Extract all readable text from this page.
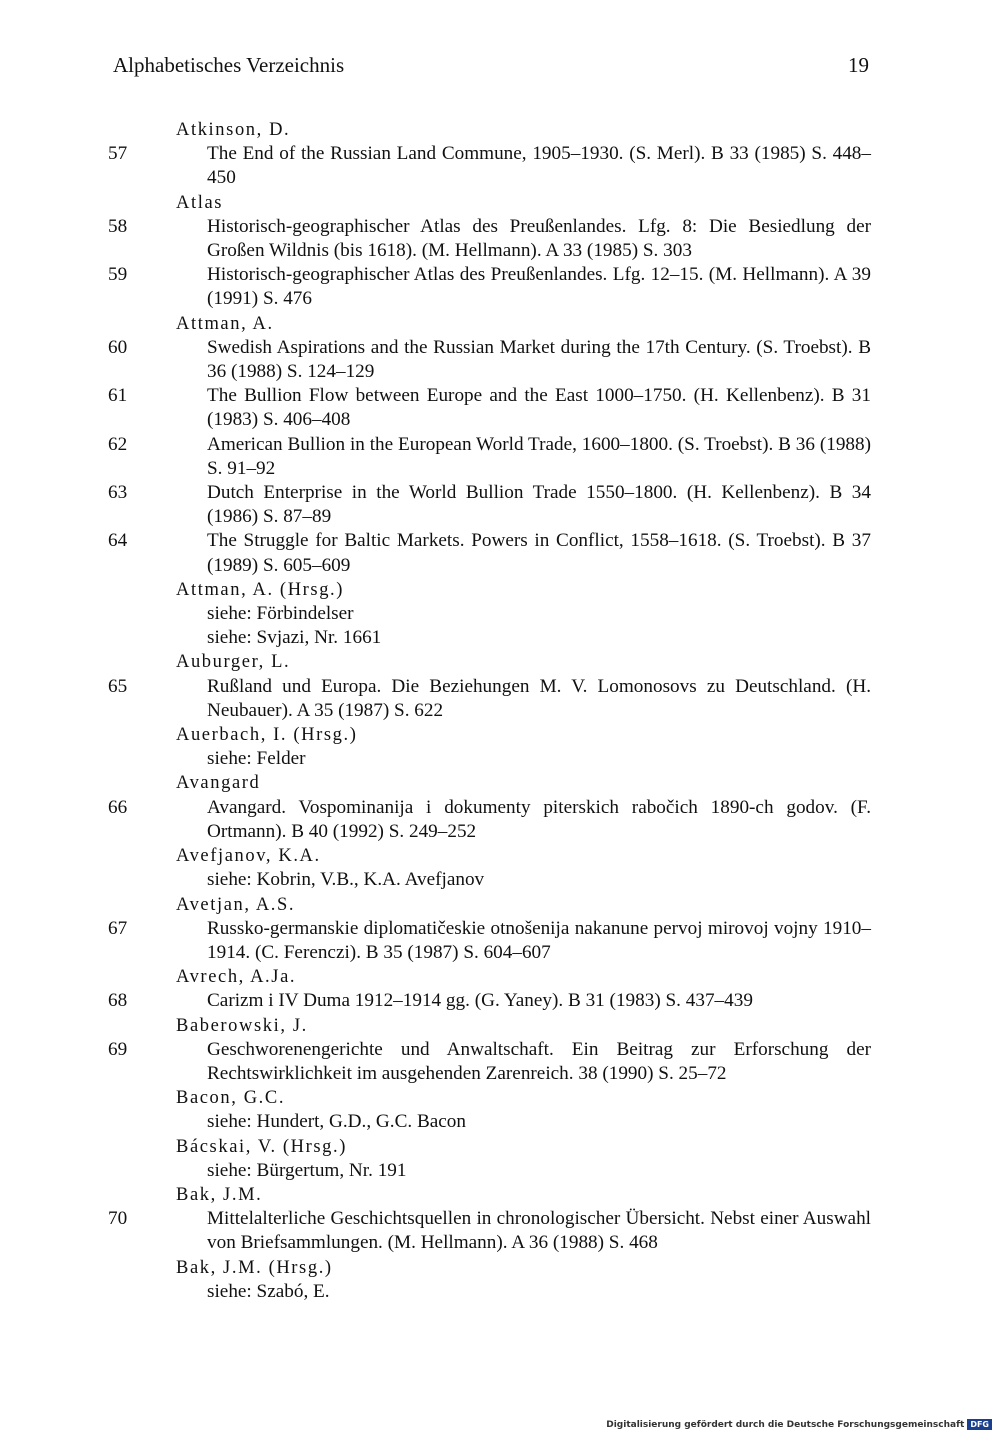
Alphabetisches Verzeichnis	19
Atkinson, D.
57	The End of the Russian Land Commune, 1905–1930. (S. Merl). B 33 (1985) S. 448–450
Atlas
58	Historisch-geographischer Atlas des Preußenlandes. Lfg. 8: Die Besiedlung der Großen Wildnis (bis 1618). (M. Hellmann). A 33 (1985) S. 303
59	Historisch-geographischer Atlas des Preußenlandes. Lfg. 12–15. (M. Hellmann). A 39 (1991) S. 476
Attman, A.
60	Swedish Aspirations and the Russian Market during the 17th Century. (S. Troebst). B 36 (1988) S. 124–129
61	The Bullion Flow between Europe and the East 1000–1750. (H. Kellenbenz). B 31 (1983) S. 406–408
62	American Bullion in the European World Trade, 1600–1800. (S. Troebst). B 36 (1988) S. 91–92
63	Dutch Enterprise in the World Bullion Trade 1550–1800. (H. Kellenbenz). B 34 (1986) S. 87–89
64	The Struggle for Baltic Markets. Powers in Conflict, 1558–1618. (S. Troebst). B 37 (1989) S. 605–609
Attman, A. (Hrsg.)
siehe: Förbindelser
siehe: Svjazi, Nr. 1661
Auburger, L.
65	Rußland und Europa. Die Beziehungen M. V. Lomonosovs zu Deutschland. (H. Neubauer). A 35 (1987) S. 622
Auerbach, I. (Hrsg.)
siehe: Felder
Avangard
66	Avangard. Vospominanija i dokumenty piterskich rabočich 1890-ch godov. (F. Ortmann). B 40 (1992) S. 249–252
Avefjanov, K.A.
siehe: Kobrin, V.B., K.A. Avefjanov
Avetjan, A.S.
67	Russko-germanskie diplomatičeskie otnošenija nakanune pervoj mirovoj vojny 1910–1914. (C. Ferenczi). B 35 (1987) S. 604–607
Avrech, A.Ja.
68	Carizm i IV Duma 1912–1914 gg. (G. Yaney). B 31 (1983) S. 437–439
Baberowski, J.
69	Geschworenengerichte und Anwaltschaft. Ein Beitrag zur Erforschung der Rechtswirklichkeit im ausgehenden Zarenreich. 38 (1990) S. 25–72
Bacon, G.C.
siehe: Hundert, G.D., G.C. Bacon
Bácskai, V. (Hrsg.)
siehe: Bürgertum, Nr. 191
Bak, J.M.
70	Mittelalterliche Geschichtsquellen in chronologischer Übersicht. Nebst einer Auswahl von Briefsammlungen. (M. Hellmann). A 36 (1988) S. 468
Bak, J.M. (Hrsg.)
siehe: Szabó, E.
Digitalisierung gefördert durch die Deutsche Forschungsgemeinschaft DFG
